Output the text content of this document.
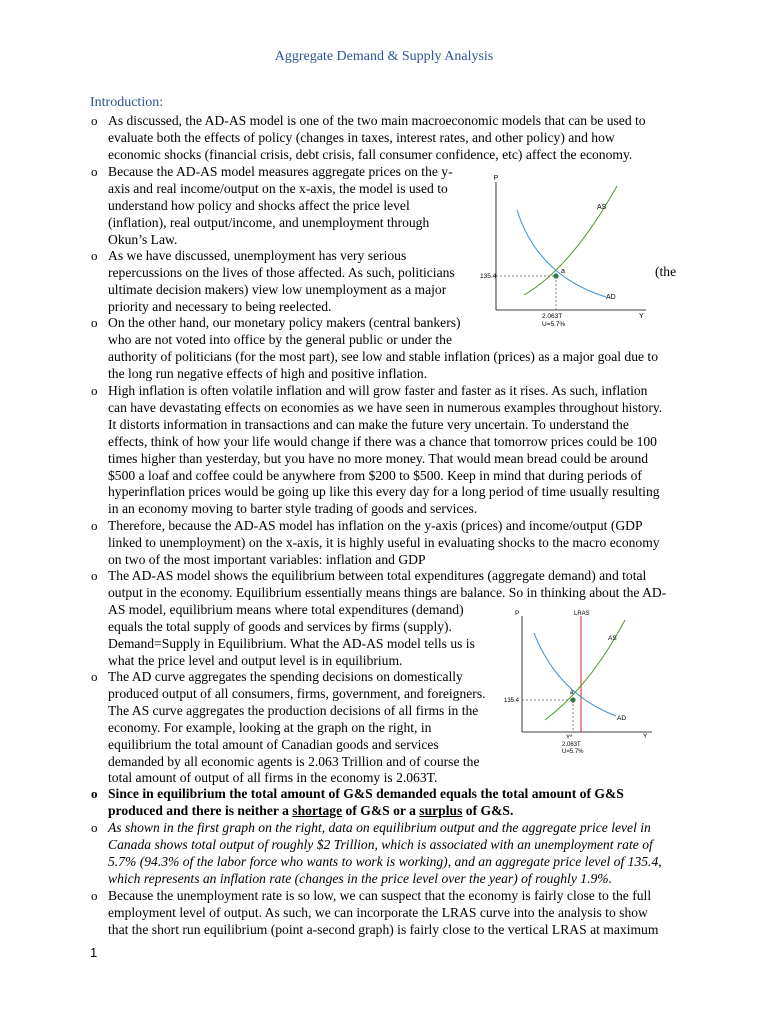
Aggregate Demand & Supply Analysis
Introduction:
o As discussed, the AD-AS model is one of the two main macroeconomic models that can be used to
evaluate both the effects of policy (changes in taxes, interest rates, and other policy) and how
economic shocks (financial crisis, debt crisis, fall consumer confidence, etc) affect the economy.
o Because the AD-AS model measures aggregate prices on the y-
axis and real income/output on the x-axis, the model is used to
understand how policy and shocks affect the price level
(inflation), real output/income, and unemployment through
Okun’s Law.
o As we have discussed, unemployment has very serious
repercussions on the lives of those affected. As such, politicians
ultimate decision makers) view low unemployment as a major
priority and necessary to being reelected.
(the
o On the other hand, our monetary policy makers (central bankers)
who are not voted into office by the general public or under the
authority of politicians (for the most part), see low and stable inflation (prices) as a major goal due to
the long run negative effects of high and positive inflation.
o High inflation is often volatile inflation and will grow faster and faster as it rises. As such, inflation
can have devastating effects on economies as we have seen in numerous examples throughout history.
It distorts information in transactions and can make the future very uncertain. To understand the
effects, think of how your life would change if there was a chance that tomorrow prices could be 100
times higher than yesterday, but you have no more money. That would mean bread could be around
$500 a loaf and coffee could be anywhere from $200 to $500. Keep in mind that during periods of
hyperinflation prices would be going up like this every day for a long period of time usually resulting
in an economy moving to barter style trading of goods and services.
o Therefore, because the AD-AS model has inflation on the y-axis (prices) and income/output (GDP
linked to unemployment) on the x-axis, it is highly useful in evaluating shocks to the macro economy
on two of the most important variables: inflation and GDP
o The AD-AS model shows the equilibrium between total expenditures (aggregate demand) and total
output in the economy. Equilibrium essentially means things are balance. So in thinking about the AD-
AS model, equilibrium means where total expenditures (demand)
equals the total supply of goods and services by firms (supply).
Demand=Supply in Equilibrium. What the AD-AS model tells us is
what the price level and output level is in equilibrium.
o The AD curve aggregates the spending decisions on domestically
produced output of all consumers, firms, government, and foreigners.
The AS curve aggregates the production decisions of all firms in the
economy. For example, looking at the graph on the right, in
equilibrium the total amount of Canadian goods and services
demanded by all economic agents is 2.063 Trillion and of course the
total amount of output of all firms in the economy is 2.063T.
o Since in equilibrium the total amount of G&S demanded equals the total amount of G&S
produced and there is neither a shortage of G&S or a surplus of G&S.
o As shown in the first graph on the right, data on equilibrium output and the aggregate price level in
Canada shows total output of roughly $2 Trillion, which is associated with an unemployment rate of
5.7% (94.3% of the labor force who wants to work is working), and an aggregate price level of 135.4,
which represents an inflation rate (changes in the price level over the year) of roughly 1.9%.
o Because the unemployment rate is so low, we can suspect that the economy is fairly close to the full
employment level of output. As such, we can incorporate the LRAS curve into the analysis to show
that the short run equilibrium (point a-second graph) is fairly close to the vertical LRAS at maximum
1
P
Y
AS
AD
a
135.4
2.063T
U=5.7%
P
Y
LRAS
AS
AD
a
135.4
Y*
2.063T
U=5.7%
